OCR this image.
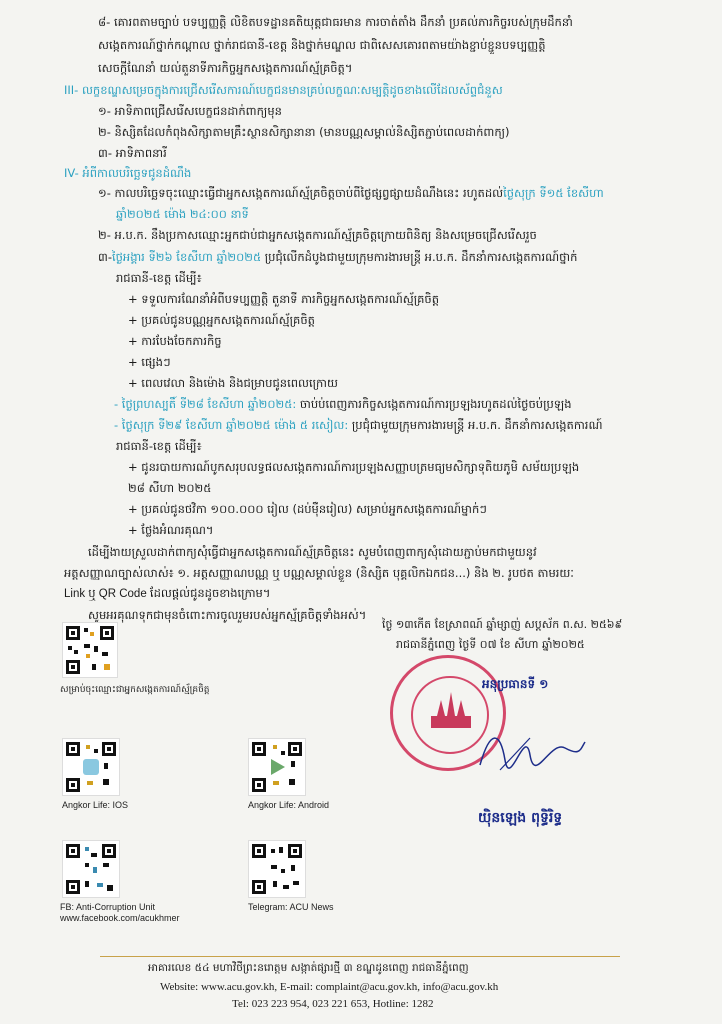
៨- គោរពតាមច្បាប់ បទប្បញ្ញត្តិ លិខិតបទដ្ឋានគតិយុត្តជាធរមាន ការចាត់តាំង ដឹកនាំ ប្រគល់ភារកិច្ចរបស់ក្រុមដឹកនាំ
សង្កេតការណ៍ថ្នាក់កណ្តាល ថ្នាក់រាជធានី-ខេត្ត និងថ្នាក់មណ្ឌល ជាពិសេសគោរពតាមយ៉ាងខ្ជាប់ខ្ជួនបទប្បញ្ញត្តិ
សេចក្តីណែនាំ យល់តួនាទីភារកិច្ចអ្នកសង្កេតការណ៍ស្ម័គ្រចិត្ត។
III- លក្ខខណ្ឌសម្រេចក្នុងការជ្រើសរើសការណ៍បេក្ខជនមានគ្រប់លក្ខណៈសម្បត្តិដូចខាងលើដែលស័ព្ទជំនួស
១- អាទិភាពជ្រើសរើសបេក្ខជនដាក់ពាក្យមុន
២- និស្សិតដែលកំពុងសិក្សាតាមគ្រឹះស្ថានសិក្សានានា (មានបណ្ណសម្គាល់និស្សិតភ្ជាប់ពេលដាក់ពាក្យ)
៣- អាទិភាពនារី
IV- អំពីកាលបរិច្ឆេទជូនដំណឹង
១- កាលបរិច្ឆេទចុះឈ្មោះធ្វើជាអ្នកសង្កេតការណ៍ស្ម័គ្រចិត្តចាប់ពីថ្ងៃផ្សព្វផ្សាយដំណឹងនេះ រហូតដល់ថ្ងៃសុក្រ ទី១៥ ខែសីហា
ឆ្នាំ២០២៥ ម៉ោង ២៤:០០ នាទី
២- អ.ប.ក. នឹងប្រកាសឈ្មោះអ្នកជាប់ជាអ្នកសង្កេតការណ៍ស្ម័គ្រចិត្តក្រោយពិនិត្យ និងសម្រេចជ្រើសរើសរួច
៣-ថ្ងៃអង្គារ ទី២៦ ខែសីហា ឆ្នាំ២០២៥ ប្រជុំលើកដំបូងជាមួយក្រុមការងារមន្ត្រី អ.ប.ក. ដឹកនាំការសង្កេតការណ៍ថ្នាក់
រាជធានី-ខេត្ត ដើម្បី៖
+ ទទួលការណែនាំអំពីបទប្បញ្ញត្តិ តួនាទី ភារកិច្ចអ្នកសង្កេតការណ៍ស្ម័គ្រចិត្ត
+ ប្រគល់ជូនបណ្ណអ្នកសង្កេតការណ៍ស្ម័គ្រចិត្ត
+ ការបែងចែកភារកិច្ច
+ ផ្សេងៗ
+ ពេលវេលា និងម៉ោង និងជម្រាបជូនពេលក្រោយ
- ថ្ងៃព្រហស្បតិ៍ ទី២៨ ខែសីហា ឆ្នាំ២០២៥: ចាប់ប់ពេញភារកិច្ចសង្កេតការណ៍ការប្រឡងរហូតដល់ថ្ងៃចប់ប្រឡង
- ថ្ងៃសុក្រ ទី២៩ ខែសីហា ឆ្នាំ២០២៥ ម៉ោង ៥ រសៀល: ប្រជុំជាមួយក្រុមការងារមន្ត្រី អ.ប.ក. ដឹកនាំការសង្កេតការណ៍
រាជធានី-ខេត្ត ដើម្បី៖
+ ជូនរបាយការណ៍បូកសរុបលទ្ធផលសង្កេតការណ៍ការប្រឡងសញ្ញាបត្រមធ្យមសិក្សាទុតិយភូមិ សម័យប្រឡង
២៨ សីហា ២០២៥
+ ប្រគល់ជូនថវិកា ១០០.០០០ រៀល (ដប់ម៉ឺនរៀល) សម្រាប់អ្នកសង្កេតការណ៍ម្នាក់ៗ
+ ថ្លែងអំណរគុណ។
ដើម្បីងាយស្រួលដាក់ពាក្យសុំធ្វើជាអ្នកសង្កេតការណ៍ស្ម័គ្រចិត្តនេះ សូមបំពេញពាក្យសុំដោយភ្ជាប់មកជាមួយនូវ
អត្តសញ្ញាណច្បាស់លាស់៖ ១. អត្តសញ្ញាណបណ្ណ ឬ បណ្ណសម្គាល់ខ្លួន (និស្សិត បុគ្គលិកឯកជន...) និង ២. រូបថត តាមរយៈ
Link ឬ QR Code ដែលផ្តល់ជូនដូចខាងក្រោម។
សូមអរគុណទុកជាមុនចំពោះការចូលរួមរបស់អ្នកស្ម័គ្រចិត្តទាំងអស់។
សម្រាប់ចុះឈ្មោះជាអ្នកសង្កេតការណ៍ស្ម័គ្រចិត្ត
Angkor Life: IOS	Angkor Life: Android
FB: Anti-Corruption Unit
www.facebook.com/acukhmer
Telegram: ACU News
ថ្ងៃ ១៣កើត ខែស្រាពណ៍ ឆ្នាំម្សាញ់ សប្តស័ក ព.ស. ២៥៦៩
រាជធានីភ្នំពេញ ថ្ងៃទី ០៧ ខែ សីហា ឆ្នាំ២០២៥
អនុប្រធានទី ១
យ៉ិនឡេង ពុទ្ធិរិទ្ធ
អាគារលេខ ៥៤ មហាវិថីព្រះនរោត្តម សង្កាត់ផ្សារថ្មី ៣ ខណ្ឌដូនពេញ រាជធានីភ្នំពេញ
Website: www.acu.gov.kh, E-mail: complaint@acu.gov.kh, info@acu.gov.kh
Tel: 023 223 954, 023 221 653, Hotline: 1282
